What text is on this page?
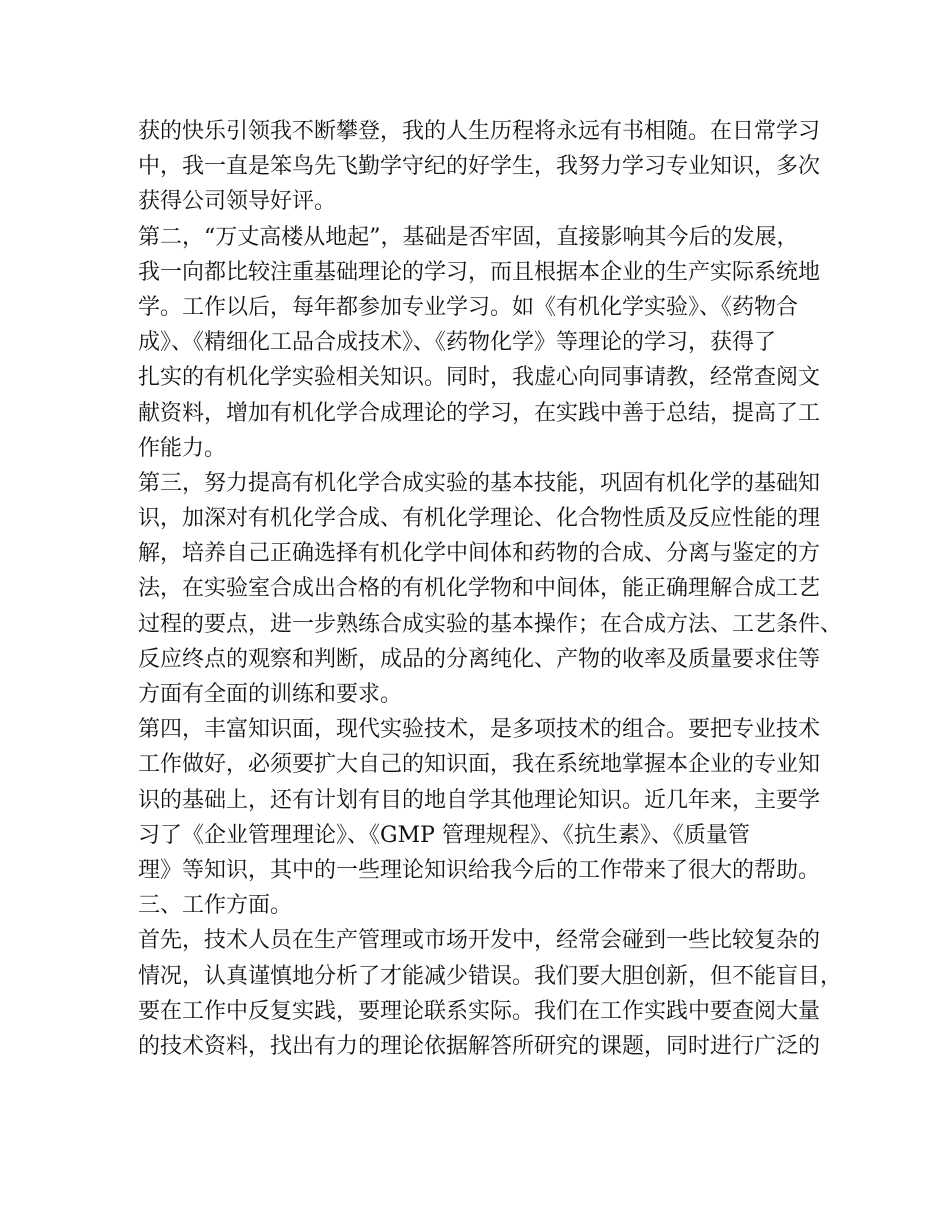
获的快乐引领我不断攀登，我的人生历程将永远有书相随。在日常学习
中，我一直是笨鸟先飞勤学守纪的好学生，我努力学习专业知识，多次
获得公司领导好评。
第二，“万丈高楼从地起”，基础是否牢固，直接影响其今后的发展，
我一向都比较注重基础理论的学习，而且根据本企业的生产实际系统地
学。工作以后，每年都参加专业学习。如《有机化学实验》、《药物合
成》、《精细化工品合成技术》、《药物化学》等理论的学习，获得了
扎实的有机化学实验相关知识。同时，我虚心向同事请教，经常查阅文
献资料，增加有机化学合成理论的学习，在实践中善于总结，提高了工
作能力。
第三，努力提高有机化学合成实验的基本技能，巩固有机化学的基础知
识，加深对有机化学合成、有机化学理论、化合物性质及反应性能的理
解，培养自己正确选择有机化学中间体和药物的合成、分离与鉴定的方
法，在实验室合成出合格的有机化学物和中间体，能正确理解合成工艺
过程的要点，进一步熟练合成实验的基本操作；在合成方法、工艺条件、
反应终点的观察和判断，成品的分离纯化、产物的收率及质量要求住等
方面有全面的训练和要求。
第四，丰富知识面，现代实验技术，是多项技术的组合。要把专业技术
工作做好，必须要扩大自己的知识面，我在系统地掌握本企业的专业知
识的基础上，还有计划有目的地自学其他理论知识。近几年来，主要学
习了《企业管理理论》、《GMP 管理规程》、《抗生素》、《质量管
理》等知识，其中的一些理论知识给我今后的工作带来了很大的帮助。
三、工作方面。
首先，技术人员在生产管理或市场开发中，经常会碰到一些比较复杂的
情况，认真谨慎地分析了才能减少错误。我们要大胆创新，但不能盲目，
要在工作中反复实践，要理论联系实际。我们在工作实践中要查阅大量
的技术资料，找出有力的理论依据解答所研究的课题，同时进行广泛的
